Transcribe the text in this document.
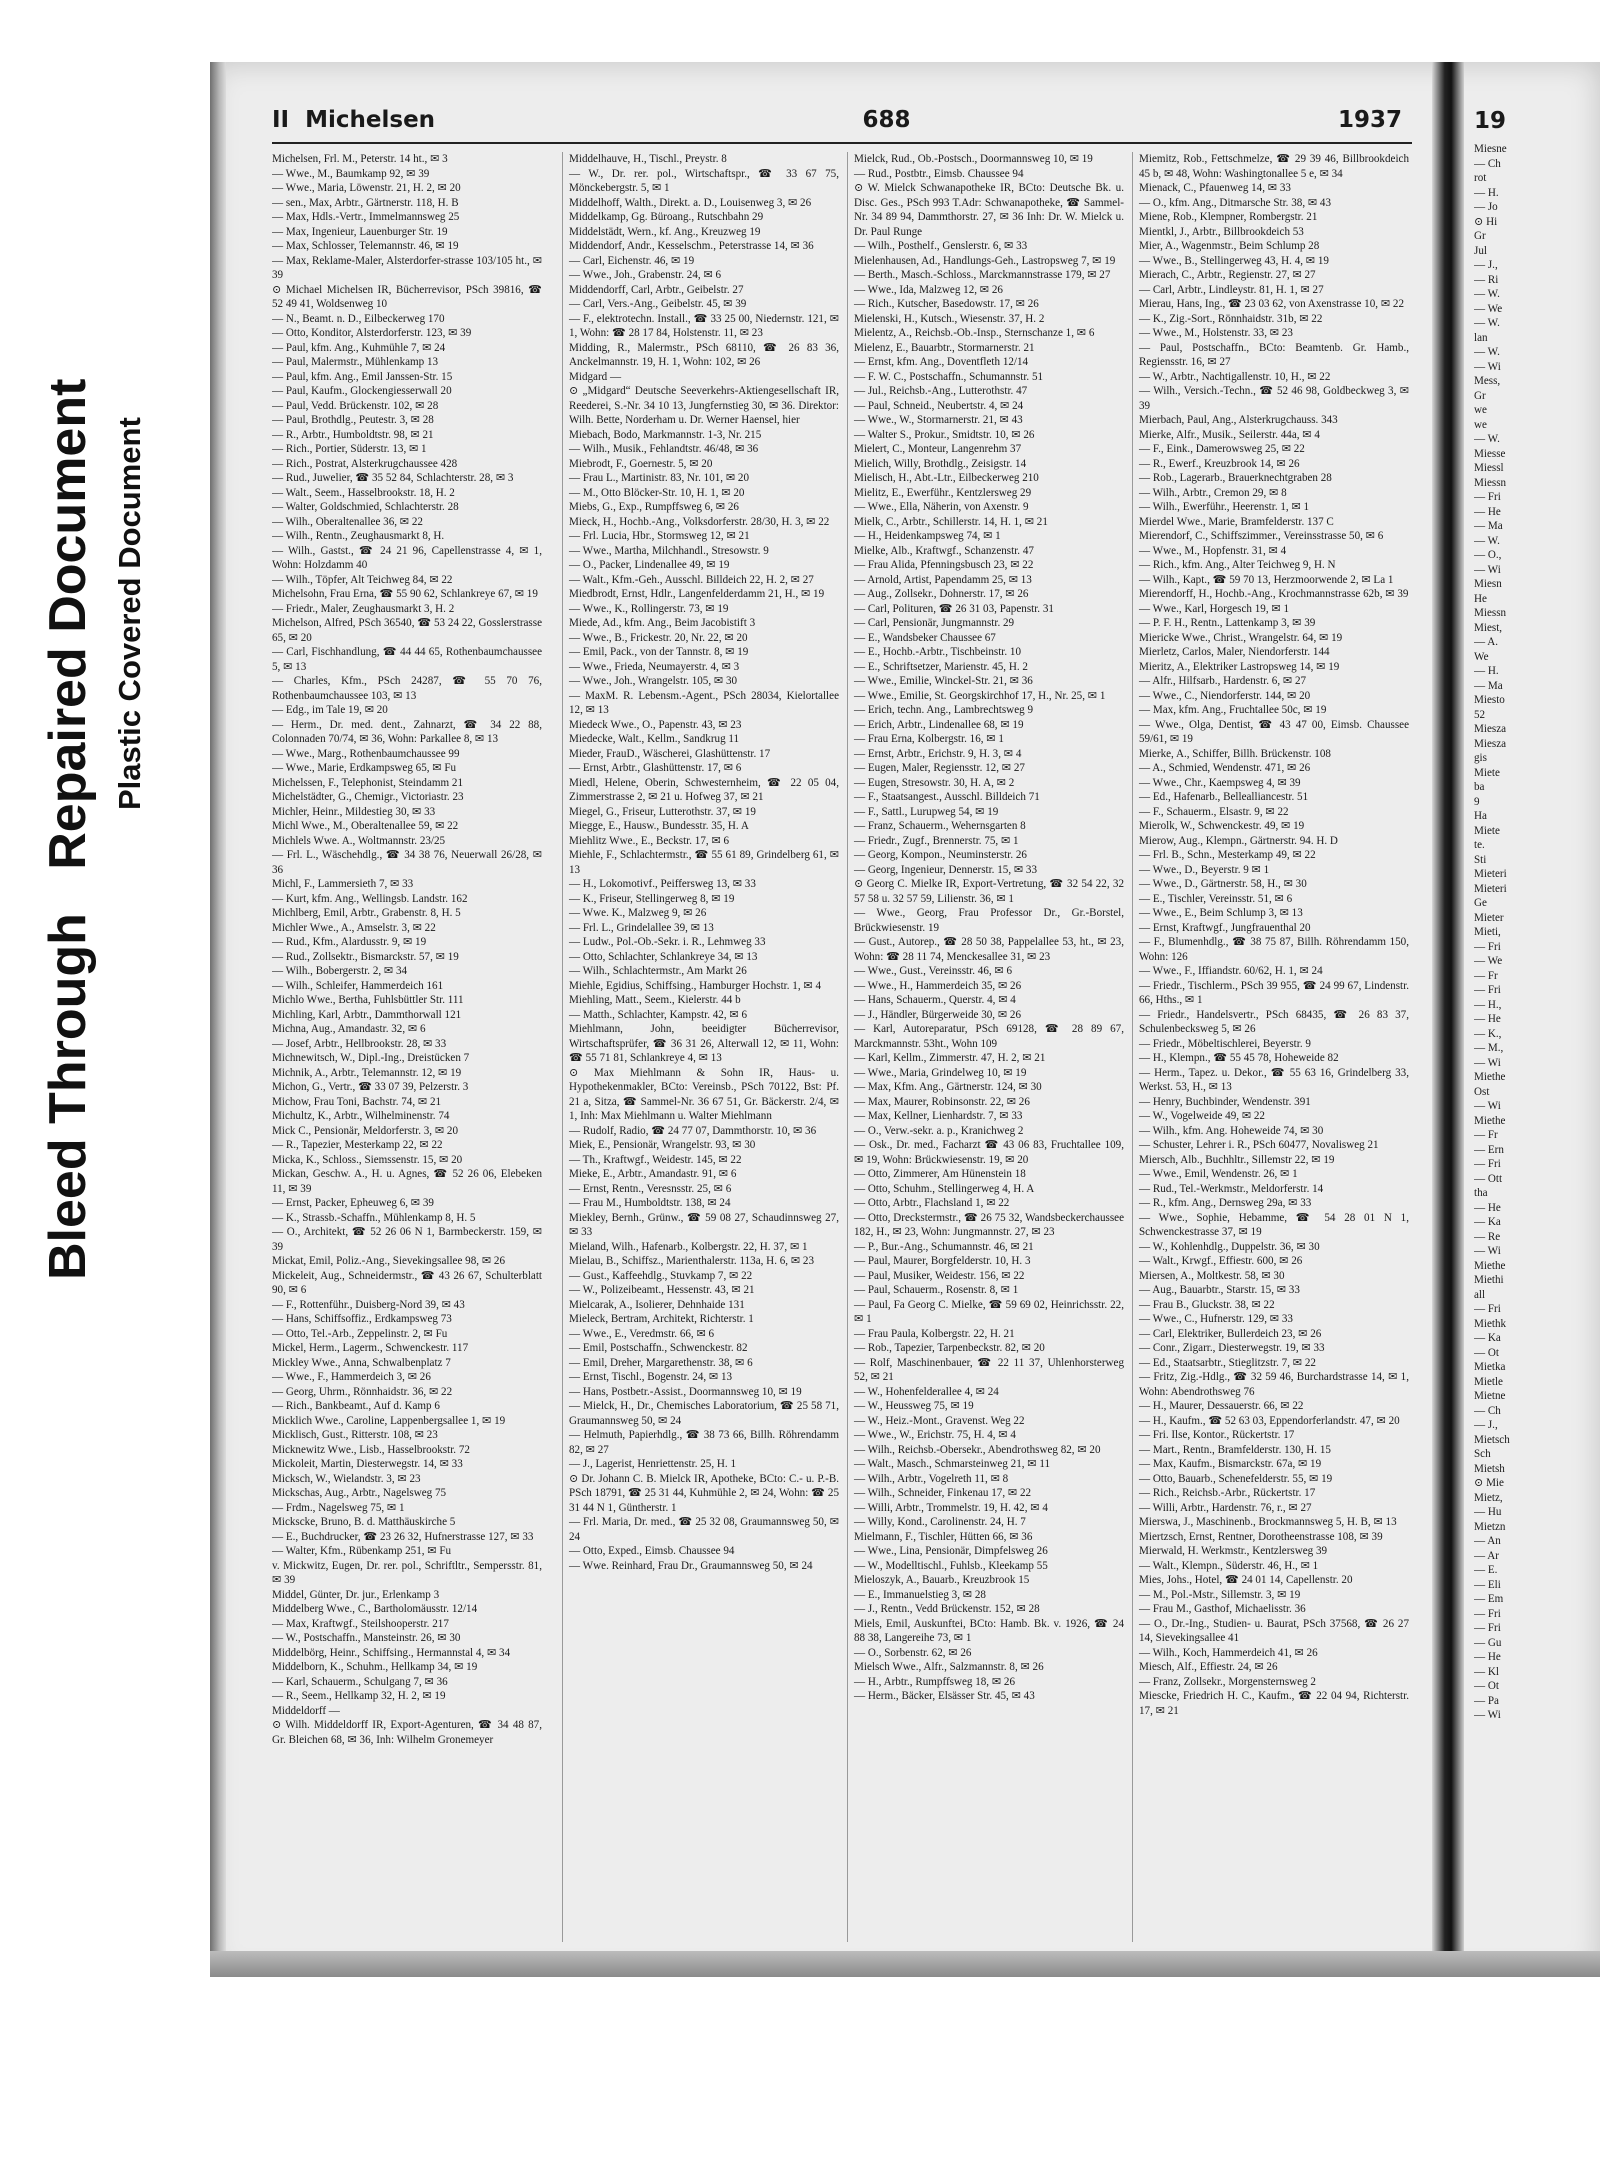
Bleed Through   Repaired Document Plastic Covered Document
II Michelsen	688	1937

Michelsen, Frl. M., Peterstr. 14 ht., ✉ 3

— Wwe., M., Baumkamp 92, ✉ 39

— Wwe., Maria, Löwenstr. 21, H. 2, ✉ 20

— sen., Max, Arbtr., Gärtnerstr. 118, H. B

— Max, Hdls.-Vertr., Immelmannsweg 25

— Max, Ingenieur, Lauenburger Str. 19

— Max, Schlosser, Telemannstr. 46, ✉ 19

— Max, Reklame-Maler, Alsterdorfer-strasse 103/105 ht., ✉ 39

⊙ Michael Michelsen IR, Bücherrevisor, PSch 39816, ☎ 52 49 41, Woldsenweg 10

— N., Beamt. n. D., Eilbeckerweg 170

— Otto, Konditor, Alsterdorferstr. 123, ✉ 39

— Paul, kfm. Ang., Kuhmühle 7, ✉ 24

— Paul, Malermstr., Mühlenkamp 13

— Paul, kfm. Ang., Emil Janssen-Str. 15

— Paul, Kaufm., Glockengiesserwall 20

— Paul, Vedd. Brückenstr. 102, ✉ 28

— Paul, Brothdlg., Peutestr. 3, ✉ 28

— R., Arbtr., Humboldtstr. 98, ✉ 21

— Rich., Portier, Süderstr. 13, ✉ 1

— Rich., Postrat, Alsterkrugchaussee 428

— Rud., Juwelier, ☎ 35 52 84, Schlachterstr. 28, ✉ 3

— Walt., Seem., Hasselbrookstr. 18, H. 2

— Walter, Goldschmied, Schlachterstr. 28

— Wilh., Oberaltenallee 36, ✉ 22

— Wilh., Rentn., Zeughausmarkt 8, H.

— Wilh., Gastst., ☎ 24 21 96, Capellenstrasse 4, ✉ 1, Wohn: Holzdamm 40

— Wilh., Töpfer, Alt Teichweg 84, ✉ 22

Michelsohn, Frau Erna, ☎ 55 90 62, Schlankreye 67, ✉ 19

— Friedr., Maler, Zeughausmarkt 3, H. 2

Michelson, Alfred, PSch 36540, ☎ 53 24 22, Gosslerstrasse 65, ✉ 20

— Carl, Fischhandlung, ☎ 44 44 65, Rothenbaumchaussee 5, ✉ 13

— Charles, Kfm., PSch 24287, ☎ 55 70 76, Rothenbaumchaussee 103, ✉ 13

— Edg., im Tale 19, ✉ 20

— Herm., Dr. med. dent., Zahnarzt, ☎ 34 22 88, Colonnaden 70/74, ✉ 36, Wohn: Parkallee 8, ✉ 13

— Wwe., Marg., Rothenbaumchaussee 99

— Wwe., Marie, Erdkampsweg 65, ✉ Fu

Michelssen, F., Telephonist, Steindamm 21

Michelstädter, G., Chemigr., Victoriastr. 23

Michler, Heinr., Mildestieg 30, ✉ 33

Michl Wwe., M., Oberaltenallee 59, ✉ 22

Michlels Wwe. A., Woltmannstr. 23/25

— Frl. L., Wäschehdlg., ☎ 34 38 76, Neuerwall 26/28, ✉ 36

Michl, F., Lammersieth 7, ✉ 33

— Kurt, kfm. Ang., Wellingsb. Landstr. 162

Michlberg, Emil, Arbtr., Grabenstr. 8, H. 5

Michler Wwe., A., Amselstr. 3, ✉ 22

— Rud., Kfm., Alardusstr. 9, ✉ 19

— Rud., Zollsektr., Bismarckstr. 57, ✉ 19

— Wilh., Bobergerstr. 2, ✉ 34

— Wilh., Schleifer, Hammerdeich 161

Michlo Wwe., Bertha, Fuhlsbüttler Str. 111

Michling, Karl, Arbtr., Dammthorwall 121

Michna, Aug., Amandastr. 32, ✉ 6

— Josef, Arbtr., Hellbrookstr. 28, ✉ 33

Michnewitsch, W., Dipl.-Ing., Dreistücken 7

Michnik, A., Arbtr., Telemannstr. 12, ✉ 19

Michon, G., Vertr., ☎ 33 07 39, Pelzerstr. 3

Michow, Frau Toni, Bachstr. 74, ✉ 21

Michultz, K., Arbtr., Wilhelminenstr. 74

Mick C., Pensionär, Meldorferstr. 3, ✉ 20

— R., Tapezier, Mesterkamp 22, ✉ 22

Micka, K., Schloss., Siemssenstr. 15, ✉ 20

Mickan, Geschw. A., H. u. Agnes, ☎ 52 26 06, Elebeken 11, ✉ 39

— Ernst, Packer, Epheuweg 6, ✉ 39

— K., Strassb.-Schaffn., Mühlenkamp 8, H. 5

— O., Architekt, ☎ 52 26 06 N 1, Barmbeckerstr. 159, ✉ 39

Mickat, Emil, Poliz.-Ang., Sievekingsallee 98, ✉ 26

Mickeleit, Aug., Schneidermstr., ☎ 43 26 67, Schulterblatt 90, ✉ 6

— F., Rottenführ., Duisberg-Nord 39, ✉ 43

— Hans, Schiffsoffiz., Erdkampsweg 73

— Otto, Tel.-Arb., Zeppelinstr. 2, ✉ Fu

Mickel, Herm., Lagerm., Schwenckestr. 117

Mickley Wwe., Anna, Schwalbenplatz 7

— Wwe., F., Hammerdeich 3, ✉ 26

— Georg, Uhrm., Rönnhaidstr. 36, ✉ 22

— Rich., Bankbeamt., Auf d. Kamp 6

Micklich Wwe., Caroline, Lappenbergsallee 1, ✉ 19

Micklisch, Gust., Ritterstr. 108, ✉ 23

Micknewitz Wwe., Lisb., Hasselbrookstr. 72

Mickoleit, Martin, Diesterwegstr. 14, ✉ 33

Micksch, W., Wielandstr. 3, ✉ 23

Mickschas, Aug., Arbtr., Nagelsweg 75

— Frdm., Nagelsweg 75, ✉ 1

Mickscke, Bruno, B. d. Matthäuskirche 5

— E., Buchdrucker, ☎ 23 26 32, Hufnerstrasse 127, ✉ 33

— Walter, Kfm., Rübenkamp 251, ✉ Fu

v. Mickwitz, Eugen, Dr. rer. pol., Schriftltr., Sempersstr. 81, ✉ 39

Middel, Günter, Dr. jur., Erlenkamp 3

Middelberg Wwe., C., Bartholomäusstr. 12/14

— Max, Kraftwgf., Steilshooperstr. 217

— W., Postschaffn., Mansteinstr. 26, ✉ 30

Middelbörg, Heinr., Schiffsing., Hermannstal 4, ✉ 34

Middelborn, K., Schuhm., Hellkamp 34, ✉ 19

— Karl, Schauerm., Schulgang 7, ✉ 36

— R., Seem., Hellkamp 32, H. 2, ✉ 19

Middeldorff —

⊙ Wilh. Middeldorff IR, Export-Agenturen, ☎ 34 48 87, Gr. Bleichen 68, ✉ 36, Inh: Wilhelm Gronemeyer

Middelhauve, H., Tischl., Preystr. 8

— W., Dr. rer. pol., Wirtschaftspr., ☎ 33 67 75, Mönckebergstr. 5, ✉ 1

Middelhoff, Walth., Direkt. a. D., Louisenweg 3, ✉ 26

Middelkamp, Gg. Büroang., Rutschbahn 29

Middelstädt, Wern., kf. Ang., Kreuzweg 19

Middendorf, Andr., Kesselschm., Peterstrasse 14, ✉ 36

— Carl, Eichenstr. 46, ✉ 19

— Wwe., Joh., Grabenstr. 24, ✉ 6

Middendorff, Carl, Arbtr., Geibelstr. 27

— Carl, Vers.-Ang., Geibelstr. 45, ✉ 39

— F., elektrotechn. Install., ☎ 33 25 00, Niedernstr. 121, ✉ 1, Wohn: ☎ 28 17 84, Holstenstr. 11, ✉ 23

Midding, R., Malermstr., PSch 68110, ☎ 26 83 36, Anckelmannstr. 19, H. 1, Wohn: 102, ✉ 26

Midgard —

⊙ „Midgard“ Deutsche Seeverkehrs-Aktiengesellschaft IR, Reederei, S.-Nr. 34 10 13, Jungfernstieg 30, ✉ 36. Direktor: Wilh. Bette, Norderham u. Dr. Werner Haensel, hier

Miebach, Bodo, Markmannstr. 1-3, Nr. 215

— Wilh., Musik., Fehlandtstr. 46/48, ✉ 36

Miebrodt, F., Goernestr. 5, ✉ 20

— Frau L., Martinistr. 83, Nr. 101, ✉ 20

— M., Otto Blöcker-Str. 10, H. 1, ✉ 20

Miebs, G., Exp., Rumpffsweg 6, ✉ 26

Mieck, H., Hochb.-Ang., Volksdorferstr. 28/30, H. 3, ✉ 22

— Frl. Lucia, Hbr., Stormsweg 12, ✉ 21

— Wwe., Martha, Milchhandl., Stresowstr. 9

— O., Packer, Lindenallee 49, ✉ 19

— Walt., Kfm.-Geh., Ausschl. Billdeich 22, H. 2, ✉ 27

Miedbrodt, Ernst, Hdlr., Langenfelderdamm 21, H., ✉ 19

— Wwe., K., Rollingerstr. 73, ✉ 19

Miede, Ad., kfm. Ang., Beim Jacobistift 3

— Wwe., B., Frickestr. 20, Nr. 22, ✉ 20

— Emil, Pack., von der Tannstr. 8, ✉ 19

— Wwe., Frieda, Neumayerstr. 4, ✉ 3

— Wwe., Joh., Wrangelstr. 105, ✉ 30

— MaxM. R. Lebensm.-Agent., PSch 28034, Kielortallee 12, ✉ 13

Miedeck Wwe., O., Papenstr. 43, ✉ 23

Miedecke, Walt., Kellm., Sandkrug 11

Mieder, FrauD., Wäscherei, Glashüttenstr. 17

— Ernst, Arbtr., Glashüttenstr. 17, ✉ 6

Miedl, Helene, Oberin, Schwesternheim, ☎ 22 05 04, Zimmerstrasse 2, ✉ 21 u. Hofweg 37, ✉ 21

Miegel, G., Friseur, Lutterothstr. 37, ✉ 19

Miegge, E., Hausw., Bundesstr. 35, H. A

Miehlitz Wwe., E., Beckstr. 17, ✉ 6

Miehle, F., Schlachtermstr., ☎ 55 61 89, Grindelberg 61, ✉ 13

— H., Lokomotivf., Peiffersweg 13, ✉ 33

— K., Friseur, Stellingerweg 8, ✉ 19

— Wwe. K., Malzweg 9, ✉ 26

— Frl. L., Grindelallee 39, ✉ 13

— Ludw., Pol.-Ob.-Sekr. i. R., Lehmweg 33

— Otto, Schlachter, Schlankreye 34, ✉ 13

— Wilh., Schlachtermstr., Am Markt 26

Miehle, Egidius, Schiffsing., Hamburger Hochstr. 1, ✉ 4

Miehling, Matt., Seem., Kielerstr. 44 b

— Matth., Schlachter, Kampstr. 42, ✉ 6

Miehlmann, John, beeidigter Bücherrevisor, Wirtschaftsprüfer, ☎ 36 31 26, Alterwall 12, ✉ 11, Wohn: ☎ 55 71 81, Schlankreye 4, ✉ 13

⊙ Max Miehlmann & Sohn IR, Haus- u. Hypothekenmakler, BCto: Vereinsb., PSch 70122, Bst: Pf. 21 a, Sitza, ☎ Sammel-Nr. 36 67 51, Gr. Bäckerstr. 2/4, ✉ 1, Inh: Max Miehlmann u. Walter Miehlmann

— Rudolf, Radio, ☎ 24 77 07, Dammthorstr. 10, ✉ 36

Miek, E., Pensionär, Wrangelstr. 93, ✉ 30

— Th., Kraftwgf., Weidestr. 145, ✉ 22

Mieke, E., Arbtr., Amandastr. 91, ✉ 6

— Ernst, Rentn., Veresnsstr. 25, ✉ 6

— Frau M., Humboldtstr. 138, ✉ 24

Miekley, Bernh., Grünw., ☎ 59 08 27, Schaudinnsweg 27, ✉ 33

Mieland, Wilh., Hafenarb., Kolbergstr. 22, H. 37, ✉ 1

Mielau, B., Schiffsz., Marienthalerstr. 113a, H. 6, ✉ 23

— Gust., Kaffeehdlg., Stuvkamp 7, ✉ 22

— W., Polizeibeamt., Hessenstr. 43, ✉ 21

Mielcarak, A., Isolierer, Dehnhaide 131

Mieleck, Bertram, Architekt, Richterstr. 1

— Wwe., E., Veredmstr. 66, ✉ 6

— Emil, Postschaffn., Schwenckestr. 82

— Emil, Dreher, Margarethenstr. 38, ✉ 6

— Ernst, Tischl., Bogenstr. 24, ✉ 13

— Hans, Postbetr.-Assist., Doormannsweg 10, ✉ 19

— Mielck, H., Dr., Chemisches Laboratorium, ☎ 25 58 71, Graumannsweg 50, ✉ 24

— Helmuth, Papierhdlg., ☎ 38 73 66, Billh. Röhrendamm 82, ✉ 27

— J., Lagerist, Henriettenstr. 25, H. 1

⊙ Dr. Johann C. B. Mielck IR, Apotheke, BCto: C.- u. P.-B. PSch 18791, ☎ 25 31 44, Kuhmühle 2, ✉ 24, Wohn: ☎ 25 31 44 N 1, Güntherstr. 1

— Frl. Maria, Dr. med., ☎ 25 32 08, Graumannsweg 50, ✉ 24

— Otto, Exped., Eimsb. Chaussee 94

— Wwe. Reinhard, Frau Dr., Graumannsweg 50, ✉ 24

Mielck, Rud., Ob.-Postsch., Doormannsweg 10, ✉ 19

— Rud., Postbtr., Eimsb. Chaussee 94

⊙ W. Mielck Schwanapotheke IR, BCto: Deutsche Bk. u. Disc. Ges., PSch 993 T.Adr: Schwanapotheke, ☎ Sammel-Nr. 34 89 94, Dammthorstr. 27, ✉ 36 Inh: Dr. W. Mielck u. Dr. Paul Runge

— Wilh., Posthelf., Genslerstr. 6, ✉ 33

Mielenhausen, Ad., Handlungs-Geh., Lastropsweg 7, ✉ 19

— Berth., Masch.-Schloss., Marckmannstrasse 179, ✉ 27

— Wwe., Ida, Malzweg 12, ✉ 26

— Rich., Kutscher, Basedowstr. 17, ✉ 26

Mielenski, H., Kutsch., Wiesenstr. 37, H. 2

Mielentz, A., Reichsb.-Ob.-Insp., Sternschanze 1, ✉ 6

Mielenz, E., Bauarbtr., Stormarnerstr. 21

— Ernst, kfm. Ang., Doventfleth 12/14

— F. W. C., Postschaffn., Schumannstr. 51

— Jul., Reichsb.-Ang., Lutterothstr. 47

— Paul, Schneid., Neubertstr. 4, ✉ 24

— Wwe., W., Stormarnerstr. 21, ✉ 43

— Walter S., Prokur., Smidtstr. 10, ✉ 26

Mielert, C., Monteur, Langenrehm 37

Mielich, Willy, Brothdlg., Zeisigstr. 14

Mielisch, H., Abt.-Ltr., Eilbeckerweg 210

Mielitz, E., Ewerführ., Kentzlersweg 29

— Wwe., Ella, Näherin, von Axenstr. 9

Mielk, C., Arbtr., Schillerstr. 14, H. 1, ✉ 21

— H., Heidenkampsweg 74, ✉ 1

Mielke, Alb., Kraftwgf., Schanzenstr. 47

— Frau Alida, Pfenningsbusch 23, ✉ 22

— Arnold, Artist, Papendamm 25, ✉ 13

— Aug., Zollsekr., Dohnerstr. 17, ✉ 26

— Carl, Polituren, ☎ 26 31 03, Papenstr. 31

— Carl, Pensionär, Jungmannstr. 29

— E., Wandsbeker Chaussee 67

— E., Hochb.-Arbtr., Tischbeinstr. 10

— E., Schriftsetzer, Marienstr. 45, H. 2

— Wwe., Emilie, Winckel-Str. 21, ✉ 36

— Wwe., Emilie, St. Georgskirchhof 17, H., Nr. 25, ✉ 1

— Erich, techn. Ang., Lambrechtsweg 9

— Erich, Arbtr., Lindenallee 68, ✉ 19

— Frau Erna, Kolbergstr. 16, ✉ 1

— Ernst, Arbtr., Erichstr. 9, H. 3, ✉ 4

— Eugen, Maler, Regiensstr. 12, ✉ 27

— Eugen, Stresowstr. 30, H. A, ✉ 2

— F., Staatsangest., Ausschl. Billdeich 71

— F., Sattl., Lurupweg 54, ✉ 19

— Franz, Schauerm., Wehernsgarten 8

— Friedr., Zugf., Brennerstr. 75, ✉ 1

— Georg, Kompon., Neuminsterstr. 26

— Georg, Ingenieur, Dennerstr. 15, ✉ 33

⊙ Georg C. Mielke IR, Export-Vertretung, ☎ 32 54 22, 32 57 58 u. 32 57 59, Lilienstr. 36, ✉ 1

— Wwe., Georg, Frau Professor Dr., Gr.-Borstel, Brückwiesenstr. 19

— Gust., Autorep., ☎ 28 50 38, Pappelallee 53, ht., ✉ 23, Wohn: ☎ 28 11 74, Menckesallee 31, ✉ 23

— Wwe., Gust., Vereinsstr. 46, ✉ 6

— Wwe., H., Hammerdeich 35, ✉ 26

— Hans, Schauerm., Querstr. 4, ✉ 4

— J., Händler, Bürgerweide 30, ✉ 26

— Karl, Autoreparatur, PSch 69128, ☎ 28 89 67, Marckmannstr. 53ht., Wohn 109

— Karl, Kellm., Zimmerstr. 47, H. 2, ✉ 21

— Wwe., Maria, Grindelweg 10, ✉ 19

— Max, Kfm. Ang., Gärtnerstr. 124, ✉ 30

— Max, Maurer, Robinsonstr. 22, ✉ 26

— Max, Kellner, Lienhardstr. 7, ✉ 33

— O., Verw.-sekr. a. p., Kranichweg 2

— Osk., Dr. med., Facharzt ☎ 43 06 83, Fruchtallee 109, ✉ 19, Wohn: Brückwiesenstr. 19, ✉ 20

— Otto, Zimmerer, Am Hünenstein 18

— Otto, Schuhm., Stellingerweg 4, H. A

— Otto, Arbtr., Flachsland 1, ✉ 22

— Otto, Dreckstermstr., ☎ 26 75 32, Wandsbeckerchaussee 182, H., ✉ 23, Wohn: Jungmannstr. 27, ✉ 23

— P., Bur.-Ang., Schumannstr. 46, ✉ 21

— Paul, Maurer, Borgfelderstr. 10, H. 3

— Paul, Musiker, Weidestr. 156, ✉ 22

— Paul, Schauerm., Rosenstr. 8, ✉ 1

— Paul, Fa Georg C. Mielke, ☎ 59 69 02, Heinrichsstr. 22, ✉ 1

— Frau Paula, Kolbergstr. 22, H. 21

— Rob., Tapezier, Tarpenbeckstr. 82, ✉ 20

— Rolf, Maschinenbauer, ☎ 22 11 37, Uhlenhorsterweg 52, ✉ 21

— W., Hohenfelderallee 4, ✉ 24

— W., Heussweg 75, ✉ 19

— W., Heiz.-Mont., Gravenst. Weg 22

— Wwe., W., Erichstr. 75, H. 4, ✉ 4

— Wilh., Reichsb.-Obersekr., Abendrothsweg 82, ✉ 20

— Walt., Masch., Schmarsteinweg 21, ✉ 11

— Wilh., Arbtr., Vogelreth 11, ✉ 8

— Wilh., Schneider, Finkenau 17, ✉ 22

— Willi, Arbtr., Trommelstr. 19, H. 42, ✉ 4

— Willy, Kond., Carolinenstr. 24, H. 7

Mielmann, F., Tischler, Hütten 66, ✉ 36

— Wwe., Lina, Pensionär, Dimpfelsweg 26

— W., Modelltischl., Fuhlsb., Kleekamp 55

Mieloszyk, A., Bauarb., Kreuzbrook 15

— E., Immanuelstieg 3, ✉ 28

— J., Rentn., Vedd Brückenstr. 152, ✉ 28

Miels, Emil, Auskunftei, BCto: Hamb. Bk. v. 1926, ☎ 24 88 38, Langereihe 73, ✉ 1

— O., Sorbenstr. 62, ✉ 26

Mielsch Wwe., Alfr., Salzmannstr. 8, ✉ 26

— H., Arbtr., Rumpffsweg 18, ✉ 26

— Herm., Bäcker, Elsässer Str. 45, ✉ 43

Miemitz, Rob., Fettschmelze, ☎ 29 39 46, Billbrookdeich 45 b, ✉ 48, Wohn: Washingtonallee 5 e, ✉ 34

Mienack, C., Pfauenweg 14, ✉ 33

— O., kfm. Ang., Ditmarsche Str. 38, ✉ 43

Miene, Rob., Klempner, Rombergstr. 21

Mientkl, J., Arbtr., Billbrookdeich 53

Mier, A., Wagenmstr., Beim Schlump 28

— Wwe., B., Stellingerweg 43, H. 4, ✉ 19

Mierach, C., Arbtr., Regienstr. 27, ✉ 27

— Carl, Arbtr., Lindleystr. 81, H. 1, ✉ 27

Mierau, Hans, Ing., ☎ 23 03 62, von Axenstrasse 10, ✉ 22

— K., Zig.-Sort., Rönnhaidstr. 31b, ✉ 22

— Wwe., M., Holstenstr. 33, ✉ 23

— Paul, Postschaffn., BCto: Beamtenb. Gr. Hamb., Regiensstr. 16, ✉ 27

— W., Arbtr., Nachtigallenstr. 10, H., ✉ 22

— Wilh., Versich.-Techn., ☎ 52 46 98, Goldbeckweg 3, ✉ 39

Mierbach, Paul, Ang., Alsterkrugchauss. 343

Mierke, Alfr., Musik., Seilerstr. 44a, ✉ 4

— F., Eink., Damerowsweg 25, ✉ 22

— R., Ewerf., Kreuzbrook 14, ✉ 26

— Rob., Lagerarb., Brauerknechtgraben 28

— Wilh., Arbtr., Cremon 29, ✉ 8

— Wilh., Ewerführ., Heerenstr. 1, ✉ 1

Mierdel Wwe., Marie, Bramfelderstr. 137 C

Mierendorf, C., Schiffszimmer., Vereinsstrasse 50, ✉ 6

— Wwe., M., Hopfenstr. 31, ✉ 4

— Rich., kfm. Ang., Alter Teichweg 9, H. N

— Wilh., Kapt., ☎ 59 70 13, Herzmoorwende 2, ✉ La 1

Mierendorff, H., Hochb.-Ang., Krochmannstrasse 62b, ✉ 39

— Wwe., Karl, Horgesch 19, ✉ 1

— P. F. H., Rentn., Lattenkamp 3, ✉ 39

Miericke Wwe., Christ., Wrangelstr. 64, ✉ 19

Mierletz, Carlos, Maler, Niendorferstr. 144

Mieritz, A., Elektriker Lastropsweg 14, ✉ 19

— Alfr., Hilfsarb., Hardenstr. 6, ✉ 27

— Wwe., C., Niendorferstr. 144, ✉ 20

— Max, kfm. Ang., Fruchtallee 50c, ✉ 19

— Wwe., Olga, Dentist, ☎ 43 47 00, Eimsb. Chaussee 59/61, ✉ 19

Mierke, A., Schiffer, Billh. Brückenstr. 108

— A., Schmied, Wendenstr. 471, ✉ 26

— Wwe., Chr., Kaempsweg 4, ✉ 39

— Ed., Hafenarb., Bellealliancestr. 51

— F., Schauerm., Elsastr. 9, ✉ 22

Mierolk, W., Schwenckestr. 49, ✉ 19

Mierow, Aug., Klempn., Gärtnerstr. 94. H. D

— Frl. B., Schn., Mesterkamp 49, ✉ 22

— Wwe., D., Beyerstr. 9 ✉ 1

— Wwe., D., Gärtnerstr. 58, H., ✉ 30

— E., Tischler, Vereinsstr. 51, ✉ 6

— Wwe., E., Beim Schlump 3, ✉ 13

— Ernst, Kraftwgf., Jungfrauenthal 20

— F., Blumenhdlg., ☎ 38 75 87, Billh. Röhrendamm 150, Wohn: 126

— Wwe., F., Iffiandstr. 60/62, H. 1, ✉ 24

— Friedr., Tischlerm., PSch 39 955, ☎ 24 99 67, Lindenstr. 66, Hths., ✉ 1

— Friedr., Handelsvertr., PSch 68435, ☎ 26 83 37, Schulenbecksweg 5, ✉ 26

— Friedr., Möbeltischlerei, Beyerstr. 9

— H., Klempn., ☎ 55 45 78, Hoheweide 82

— Herm., Tapez. u. Dekor., ☎ 55 63 16, Grindelberg 33, Werkst. 53, H., ✉ 13

— Henry, Buchbinder, Wendenstr. 391

— W., Vogelweide 49, ✉ 22

— Wilh., kfm. Ang. Hoheweide 74, ✉ 30

— Schuster, Lehrer i. R., PSch 60477, Novalisweg 21

Miersch, Alb., Buchhltr., Sillemstr 22, ✉ 19

— Wwe., Emil, Wendenstr. 26, ✉ 1

— Rud., Tel.-Werkmstr., Meldorferstr. 14

— R., kfm. Ang., Dernsweg 29a, ✉ 33

— Wwe., Sophie, Hebamme, ☎ 54 28 01 N 1, Schwenckestrasse 37, ✉ 19

— W., Kohlenhdlg., Duppelstr. 36, ✉ 30

— Walt., Krwgf., Effiestr. 600, ✉ 26

Miersen, A., Moltkestr. 58, ✉ 30

— Aug., Bauarbtr., Starstr. 15, ✉ 33

— Frau B., Gluckstr. 38, ✉ 22

— Wwe., C., Hufnerstr. 129, ✉ 33

— Carl, Elektriker, Bullerdeich 23, ✉ 26

— Conr., Zigarr., Diesterwegstr. 19, ✉ 33

— Ed., Staatsarbtr., Stieglitzstr. 7, ✉ 22

— Fritz, Zig.-Hdlg., ☎ 32 59 46, Burchardstrasse 14, ✉ 1, Wohn: Abendrothsweg 76

— H., Maurer, Dessauerstr. 66, ✉ 22

— H., Kaufm., ☎ 52 63 03, Eppendorferlandstr. 47, ✉ 20

— Fri. Ilse, Kontor., Rückertstr. 17

— Mart., Rentn., Bramfelderstr. 130, H. 15

— Max, Kaufm., Bismarckstr. 67a, ✉ 19

— Otto, Bauarb., Schenefelderstr. 55, ✉ 19

— Rich., Reichsb.-Arbr., Rückertstr. 17

— Willi, Arbtr., Hardenstr. 76, r., ✉ 27

Mierswa, J., Maschinenb., Brockmannsweg 5, H. B, ✉ 13

Miertzsch, Ernst, Rentner, Dorotheenstrasse 108, ✉ 39

Mierwald, H. Werkmstr., Kentzlersweg 39

— Walt., Klempn., Süderstr. 46, H., ✉ 1

Mies, Johs., Hotel, ☎ 24 01 14, Capellenstr. 20

— M., Pol.-Mstr., Sillemstr. 3, ✉ 19

— Frau M., Gasthof, Michaelisstr. 36

— O., Dr.-Ing., Studien- u. Baurat, PSch 37568, ☎ 26 27 14, Sievekingsallee 41

— Wilh., Koch, Hammerdeich 41, ✉ 26

Miesch, Alf., Effiestr. 24, ✉ 26

— Franz, Zollsekr., Morgensternsweg 2

Miescke, Friedrich H. C., Kaufm., ☎ 22 04 94, Richterstr. 17, ✉ 21

19
Miesne
— Ch
rot
— H.
— Jo
⊙ Hi
Gr
Jul
— J.,
— Ri
— W.
— We
— W.
lan
— W.
— Wi
Mess,
Gr
we
we
— W.
Miesse
Miessl
Miessn
— Fri
— He
— Ma
— W.
— O.,
— Wi
Miesn
He
Miessn
Miest,
— A.
We
— H.
— Ma
Miesto
52
Miesza
Miesza
gis
Miete
ba
9
Ha
Miete
te.
Sti
Mieteri
Mieteri
Ge
Mieter
Mieti,
— Fri
— We
— Fr
— Fri
— H.,
— He
— K.,
— M.,
— Wi
Miethe
Ost
— Wi
Miethe
— Fr
— Ern
— Fri
— Ott
tha
— He
— Ka
— Re
— Wi
Miethe
Miethi
all
— Fri
Miethk
— Ka
— Ot
Mietka
Mietle
Mietne
— Ch
— J.,
Mietsch
Sch
Mietsh
⊙ Mie
Mietz,
— Hu
Mietzn
— An
— Ar
— E.
— Eli
— Em
— Fri
— Fri
— Gu
— He
— Kl
— Ot
— Pa
— Wi
